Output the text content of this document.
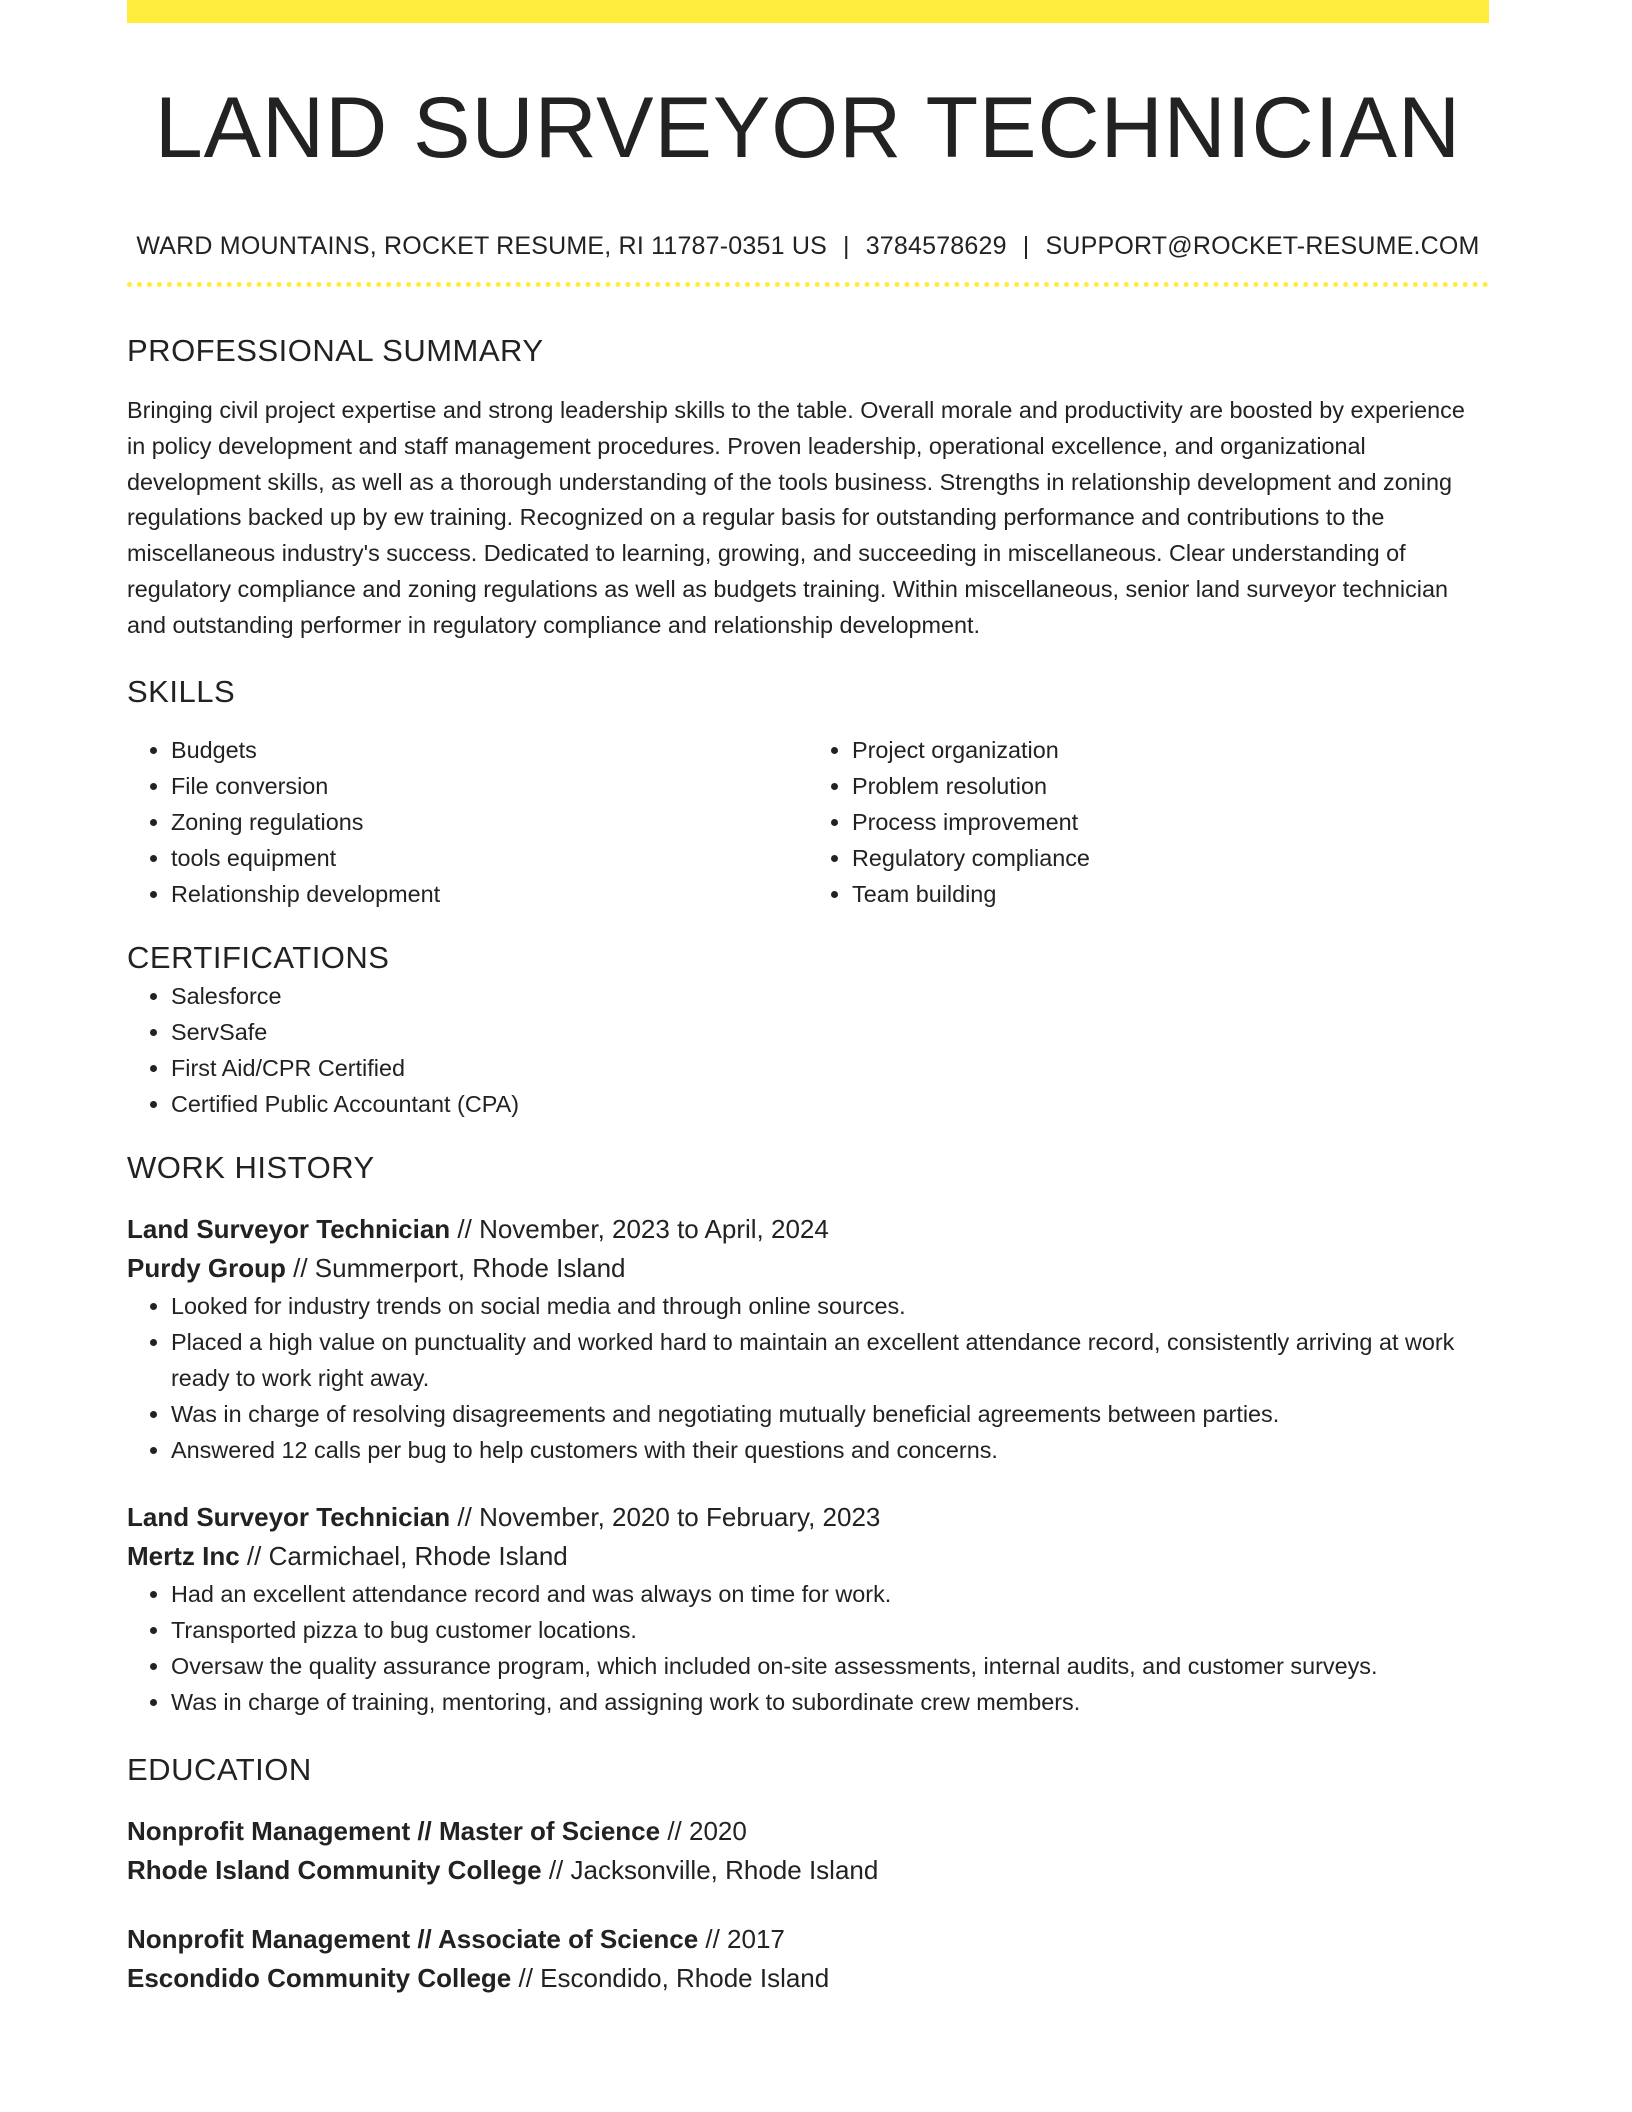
LAND SURVEYOR TECHNICIAN
WARD MOUNTAINS, ROCKET RESUME, RI 11787-0351 US | 3784578629 | SUPPORT@ROCKET-RESUME.COM
PROFESSIONAL SUMMARY

Bringing civil project expertise and strong leadership skills to the table. Overall morale and productivity are boosted by experience in policy development and staff management procedures. Proven leadership, operational excellence, and organizational development skills, as well as a thorough understanding of the tools business. Strengths in relationship development and zoning regulations backed up by ew training. Recognized on a regular basis for outstanding performance and contributions to the miscellaneous industry's success. Dedicated to learning, growing, and succeeding in miscellaneous. Clear understanding of regulatory compliance and zoning regulations as well as budgets training. Within miscellaneous, senior land surveyor technician and outstanding performer in regulatory compliance and relationship development.

SKILLS
• Budgets
• File conversion
• Zoning regulations
• tools equipment
• Relationship development
• Project organization
• Problem resolution
• Process improvement
• Regulatory compliance
• Team building
CERTIFICATIONS
• Salesforce
• ServSafe
• First Aid/CPR Certified
• Certified Public Accountant (CPA)
WORK HISTORY
Land Surveyor Technician // November, 2023 to April, 2024
Purdy Group // Summerport, Rhode Island
• Looked for industry trends on social media and through online sources.
• Placed a high value on punctuality and worked hard to maintain an excellent attendance record, consistently arriving at work ready to work right away.
• Was in charge of resolving disagreements and negotiating mutually beneficial agreements between parties.
• Answered 12 calls per bug to help customers with their questions and concerns.
Land Surveyor Technician // November, 2020 to February, 2023
Mertz Inc // Carmichael, Rhode Island
• Had an excellent attendance record and was always on time for work.
• Transported pizza to bug customer locations.
• Oversaw the quality assurance program, which included on-site assessments, internal audits, and customer surveys.
• Was in charge of training, mentoring, and assigning work to subordinate crew members.
EDUCATION
Nonprofit Management // Master of Science // 2020
Rhode Island Community College // Jacksonville, Rhode Island
Nonprofit Management // Associate of Science // 2017
Escondido Community College // Escondido, Rhode Island
